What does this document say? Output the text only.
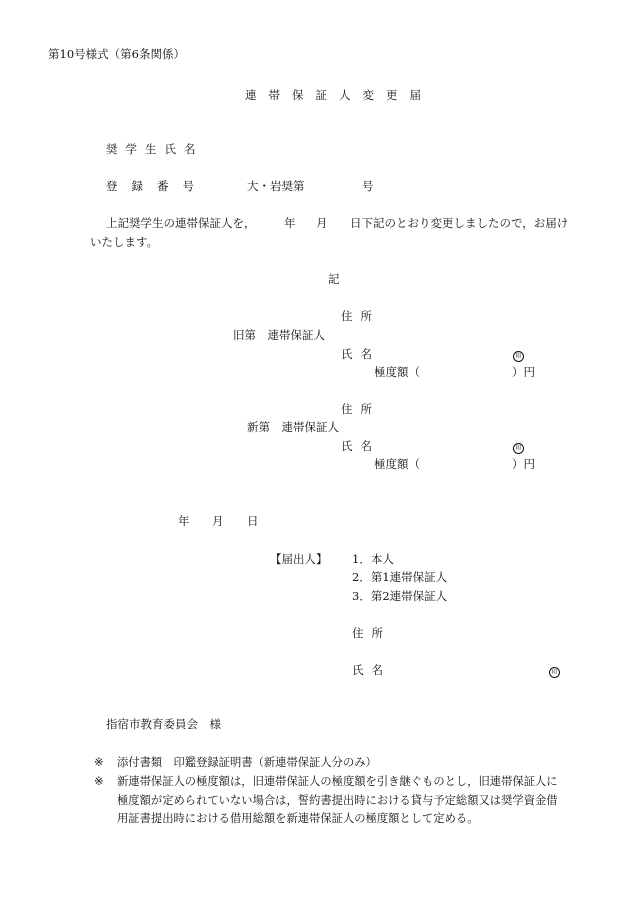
第10号様式（第6条関係）
連帯保証人変更届
奨学生氏名
登録番号	大・岩奨第	号
上記奨学生の連帯保証人を， 年 月 日下記のとおり変更しましたので，お届け
いたします。
記
住所
旧第　連帯保証人
氏名	印
極度額（	）円
住所
新第　連帯保証人
氏名	印
極度額（	）円
年 月 日
【届出人】 1．本人
2．第1連帯保証人
3．第2連帯保証人
住所
氏名	印
指宿市教育委員会　様
※ 添付書類　印鑑登録証明書（新連帯保証人分のみ）
※ 新連帯保証人の極度額は，旧連帯保証人の極度額を引き継ぐものとし，旧連帯保証人に
極度額が定められていない場合は，誓約書提出時における貸与予定総額又は奨学資金借
用証書提出時における借用総額を新連帯保証人の極度額として定める。
